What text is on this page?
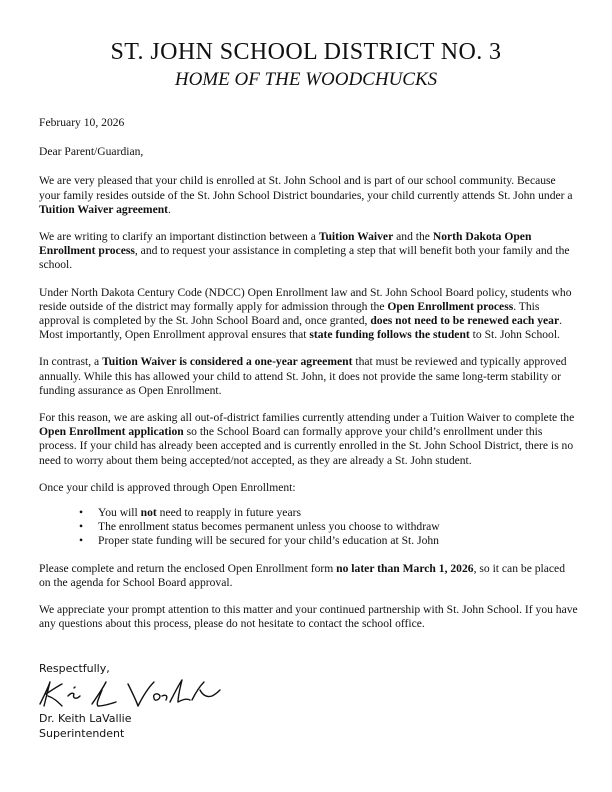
ST. JOHN SCHOOL DISTRICT NO. 3
HOME OF THE WOODCHUCKS

February 10, 2026

Dear Parent/Guardian,

We are very pleased that your child is enrolled at St. John School and is part of our school community. Because your family resides outside of the St. John School District boundaries, your child currently attends St. John under a Tuition Waiver agreement.

We are writing to clarify an important distinction between a Tuition Waiver and the North Dakota Open Enrollment process, and to request your assistance in completing a step that will benefit both your family and the school.

Under North Dakota Century Code (NDCC) Open Enrollment law and St. John School Board policy, students who reside outside of the district may formally apply for admission through the Open Enrollment process. This approval is completed by the St. John School Board and, once granted, does not need to be renewed each year. Most importantly, Open Enrollment approval ensures that state funding follows the student to St. John School.

In contrast, a Tuition Waiver is considered a one-year agreement that must be reviewed and typically approved annually. While this has allowed your child to attend St. John, it does not provide the same long-term stability or funding assurance as Open Enrollment.

For this reason, we are asking all out-of-district families currently attending under a Tuition Waiver to complete the Open Enrollment application so the School Board can formally approve your child’s enrollment under this process. If your child has already been accepted and is currently enrolled in the St. John School District, there is no need to worry about them being accepted/not accepted, as they are already a St. John student.

Once your child is approved through Open Enrollment:

• You will not need to reapply in future years
• The enrollment status becomes permanent unless you choose to withdraw
• Proper state funding will be secured for your child’s education at St. John

Please complete and return the enclosed Open Enrollment form no later than March 1, 2026, so it can be placed on the agenda for School Board approval.

We appreciate your prompt attention to this matter and your continued partnership with St. John School. If you have any questions about this process, please do not hesitate to contact the school office.

Respectfully,
Dr. Keith LaVallie
Superintendent
